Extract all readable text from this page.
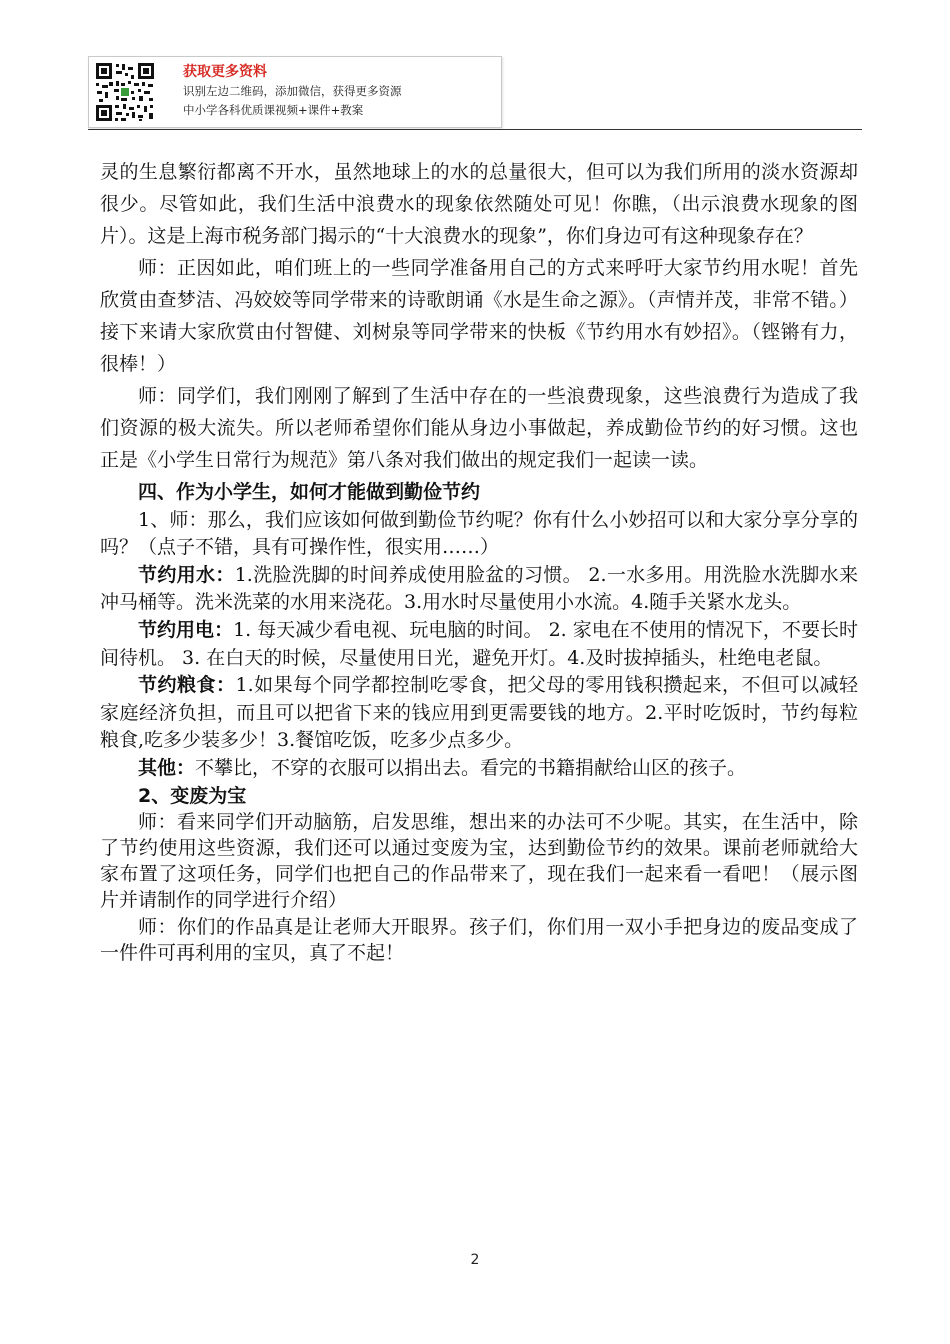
获取更多资料
识别左边二维码，添加微信，获得更多资源
中小学各科优质课视频+课件+教案

灵的生息繁衍都离不开水，虽然地球上的水的总量很大，但可以为我们所用的淡水资源却很少。尽管如此，我们生活中浪费水的现象依然随处可见！你瞧，（出示浪费水现象的图片）。这是上海市税务部门揭示的“十大浪费水的现象”，你们身边可有这种现象存在？

师：正因如此，咱们班上的一些同学准备用自己的方式来呼吁大家节约用水呢！首先欣赏由查梦洁、冯姣姣等同学带来的诗歌朗诵《水是生命之源》。（声情并茂，非常不错。）接下来请大家欣赏由付智健、刘树泉等同学带来的快板《节约用水有妙招》。（铿锵有力，很棒！）

师：同学们，我们刚刚了解到了生活中存在的一些浪费现象，这些浪费行为造成了我们资源的极大流失。所以老师希望你们能从身边小事做起，养成勤俭节约的好习惯。这也正是《小学生日常行为规范》第八条对我们做出的规定我们一起读一读。

四、作为小学生，如何才能做到勤俭节约

1、师：那么，我们应该如何做到勤俭节约呢？你有什么小妙招可以和大家分享分享的吗？（点子不错，具有可操作性，很实用……）

节约用水：1.洗脸洗脚的时间养成使用脸盆的习惯。 2.一水多用。用洗脸水洗脚水来冲马桶等。洗米洗菜的水用来浇花。3.用水时尽量使用小水流。4.随手关紧水龙头。

节约用电：1. 每天减少看电视、玩电脑的时间。 2. 家电在不使用的情况下，不要长时间待机。 3. 在白天的时候，尽量使用日光，避免开灯。4.及时拔掉插头，杜绝电老鼠。

节约粮食：1.如果每个同学都控制吃零食，把父母的零用钱积攒起来，不但可以减轻家庭经济负担，而且可以把省下来的钱应用到更需要钱的地方。2.平时吃饭时，节约每粒粮食,吃多少装多少！3.餐馆吃饭，吃多少点多少。

其他：不攀比，不穿的衣服可以捐出去。看完的书籍捐献给山区的孩子。

2、变废为宝

师：看来同学们开动脑筋，启发思维，想出来的办法可不少呢。其实，在生活中，除了节约使用这些资源，我们还可以通过变废为宝，达到勤俭节约的效果。课前老师就给大家布置了这项任务，同学们也把自己的作品带来了，现在我们一起来看一看吧！（展示图片并请制作的同学进行介绍）

师：你们的作品真是让老师大开眼界。孩子们，你们用一双小手把身边的废品变成了一件件可再利用的宝贝，真了不起！

2
